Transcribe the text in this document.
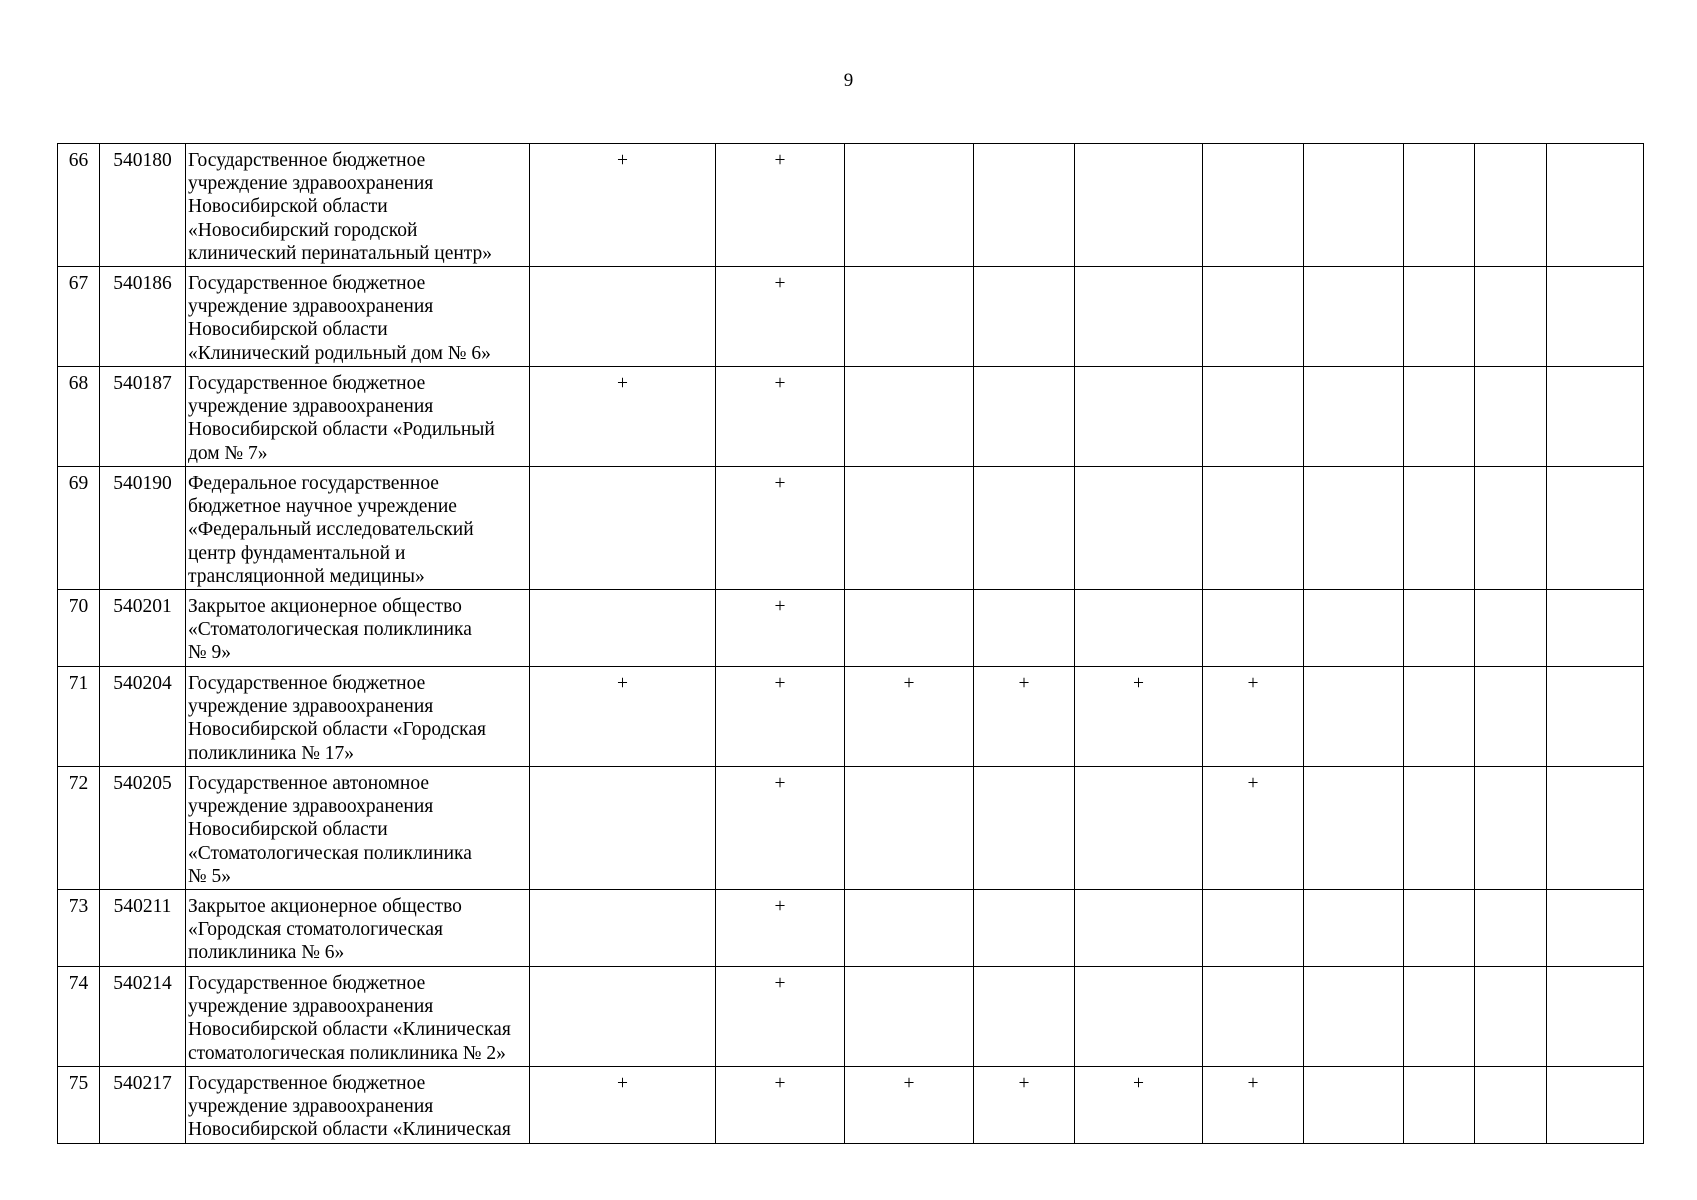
9
66	540180	Государственное бюджетное
учреждение здравоохранения
Новосибирской области
«Новосибирский городской
клинический перинатальный центр»	+	+								
67	540186	Государственное бюджетное
учреждение здравоохранения
Новосибирской области
«Клинический родильный дом № 6»		+								
68	540187	Государственное бюджетное
учреждение здравоохранения
Новосибирской области «Родильный
дом № 7»	+	+								
69	540190	Федеральное государственное
бюджетное научное учреждение
«Федеральный исследовательский
центр фундаментальной и
трансляционной медицины»		+								
70	540201	Закрытое акционерное общество
«Стоматологическая поликлиника
№ 9»		+								
71	540204	Государственное бюджетное
учреждение здравоохранения
Новосибирской области «Городская
поликлиника № 17»	+	+	+	+	+	+				
72	540205	Государственное автономное
учреждение здравоохранения
Новосибирской области
«Стоматологическая поликлиника
№ 5»		+				+				
73	540211	Закрытое акционерное общество
«Городская стоматологическая
поликлиника № 6»		+								
74	540214	Государственное бюджетное
учреждение здравоохранения
Новосибирской области «Клиническая
стоматологическая поликлиника № 2»		+								
75	540217	Государственное бюджетное
учреждение здравоохранения
Новосибирской области «Клиническая	+	+	+	+	+	+				
